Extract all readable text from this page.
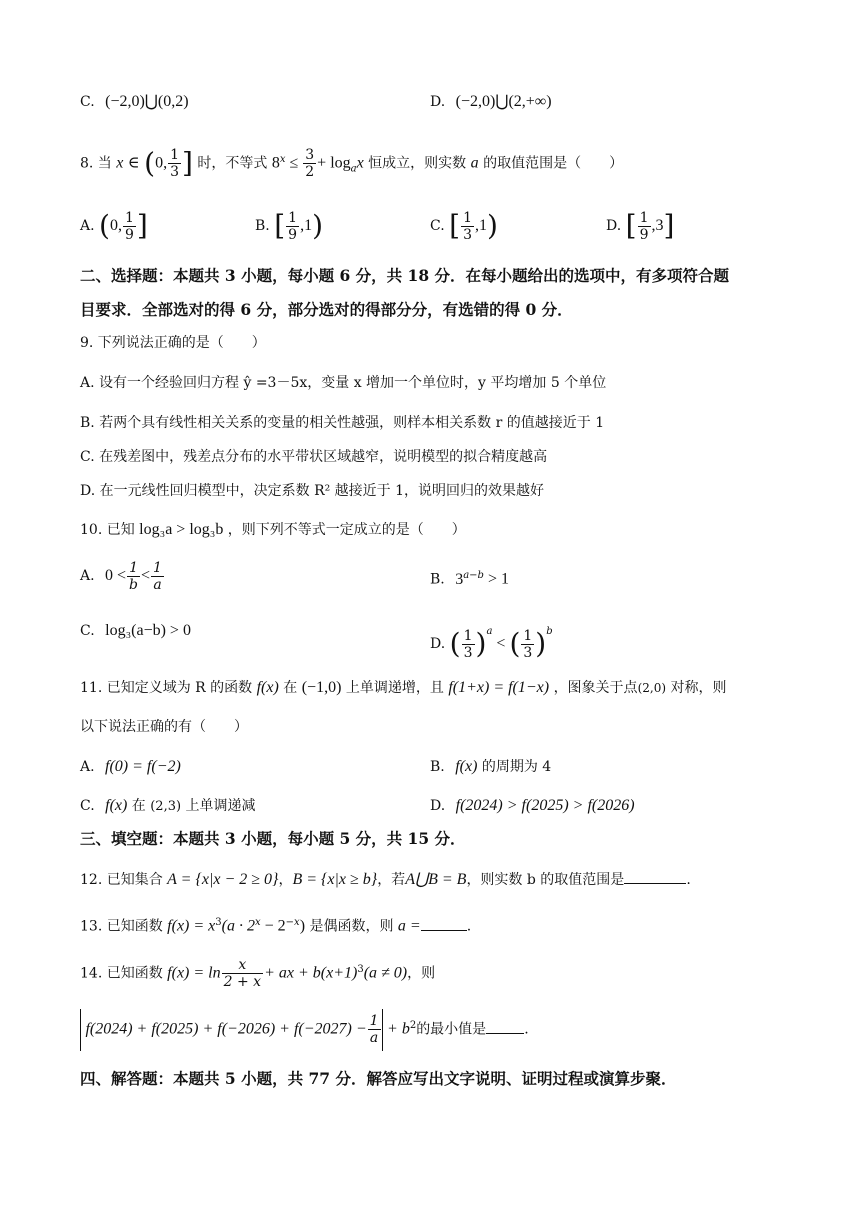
C. (−2,0)⋃(0,2)	D. (−2,0)⋃(2,+∞)
8. 当 x ∈ (0, $\frac{1}{3}$ ] 时，不等式 $8^x \le \frac{3}{2} + \log_ax$ 恒成立，则实数 a 的取值范围是（　　）
A. (0, $\frac{1}{9}$ ]	B. [ $\frac{1}{9} ,1$)	C. [ $\frac{1}{3} ,1$)	D. [ $\frac{1}{9} ,3$]
二、选择题：本题共 3 小题，每小题 6 分，共 18 分．在每小题给出的选项中，有多项符合题
目要求．全部选对的得 6 分，部分选对的得部分分，有选错的得 0 分．
9. 下列说法正确的是（　　）
A. 设有一个经验回归方程 ŷ =3－5x，变量 x 增加一个单位时，y 平均增加 5 个单位
B. 若两个具有线性相关关系的变量的相关性越强，则样本相关系数 r 的值越接近于 1
C. 在残差图中，残差点分布的水平带状区域越窄，说明模型的拟合精度越高
D. 在一元线性回归模型中，决定系数 R² 越接近于 1，说明回归的效果越好
10. 已知 log₃a > log₃b ，则下列不等式一定成立的是（　　）
A. $0 < \frac{1}{b} < \frac{1}{a}$	B. $3^{a-b} > 1$
C. log₃(a−b) > 0
D. ( $\frac{1}{3} )^a$ < ( $\frac{1}{3} )^b$
11. 已知定义域为 R 的函数 f(x) 在 (−1,0) 上单调递增，且 f(1+x) = f(1−x) ，图象关于点(2,0) 对称，则
以下说法正确的有（　　）
A. f(0) = f(−2)	B. f(x) 的周期为 4
C. f(x) 在 (2,3) 上单调递减	D. f(2024) > f(2025) > f(2026)
三、填空题：本题共 3 小题，每小题 5 分，共 15 分．
12. 已知集合 A = {x|x − 2 ≥ 0}，B = {x|x ≥ b}，若A⋃B = B，则实数 b 的取值范围是	.
13. 已知函数 $f(x) = x^3(a \cdot 2^x - 2^{-x})$ 是偶函数，则 a =	.
14. 已知函数 $f(x) = \ln \frac{x}{2 + x}$ + ax + $b(x+1)^3(a \ne 0)$，则
$f(2024) + f(2025) + f(-2026) + f(-2027) - \frac{1}{a} + b^2$的最小值是	.
四、解答题：本题共 5 小题，共 77 分．解答应写出文字说明、证明过程或演算步聚．
